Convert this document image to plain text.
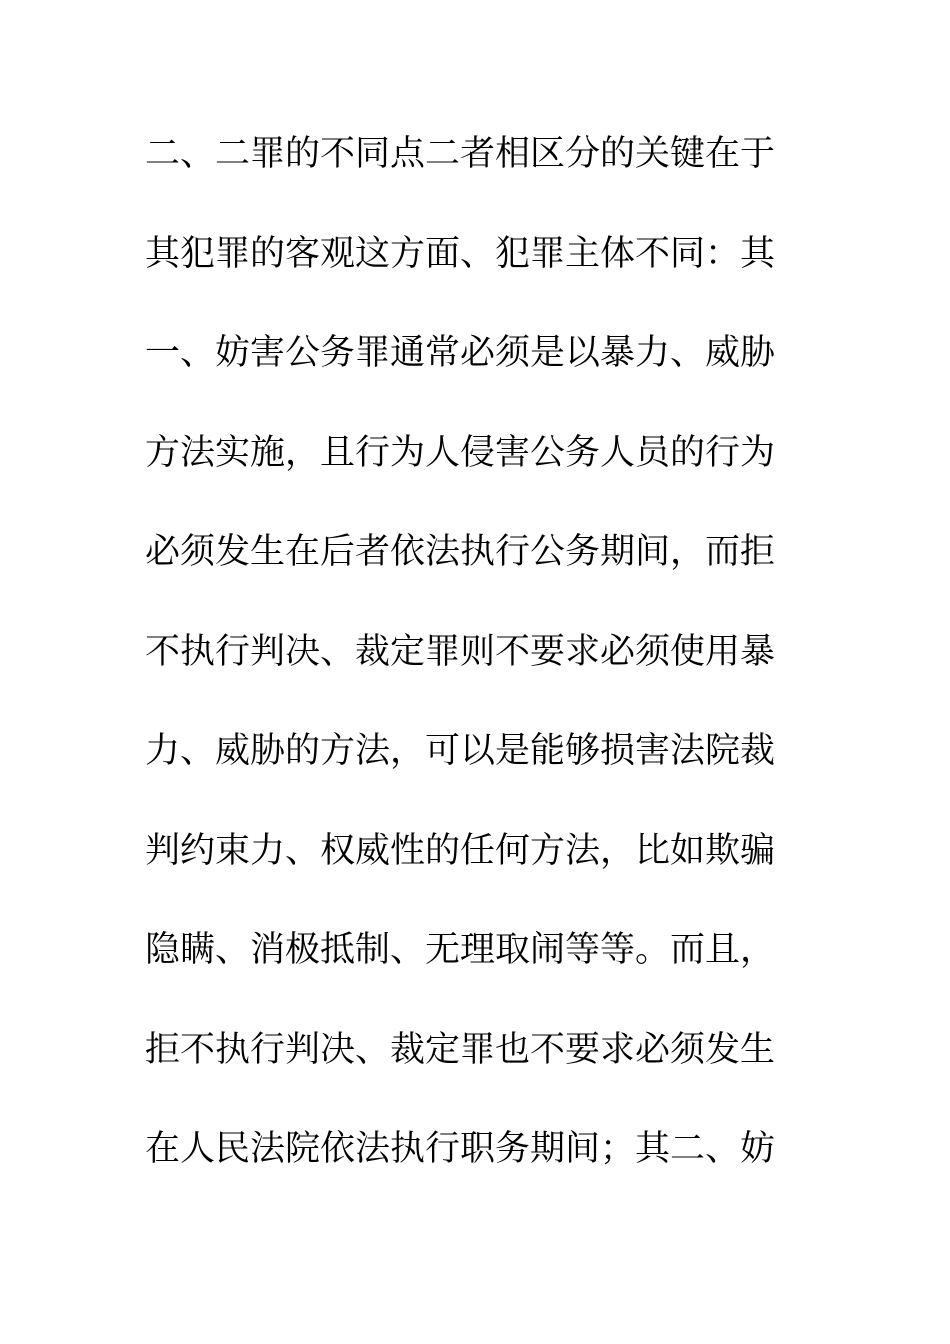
二、二罪的不同点二者相区分的关键在于
其犯罪的客观这方面、犯罪主体不同：其
一、妨害公务罪通常必须是以暴力、威胁
方法实施，且行为人侵害公务人员的行为
必须发生在后者依法执行公务期间，而拒
不执行判决、裁定罪则不要求必须使用暴
力、威胁的方法，可以是能够损害法院裁
判约束力、权威性的任何方法，比如欺骗
隐瞒、消极抵制、无理取闹等等。而且，
拒不执行判决、裁定罪也不要求必须发生
在人民法院依法执行职务期间；其二、妨
